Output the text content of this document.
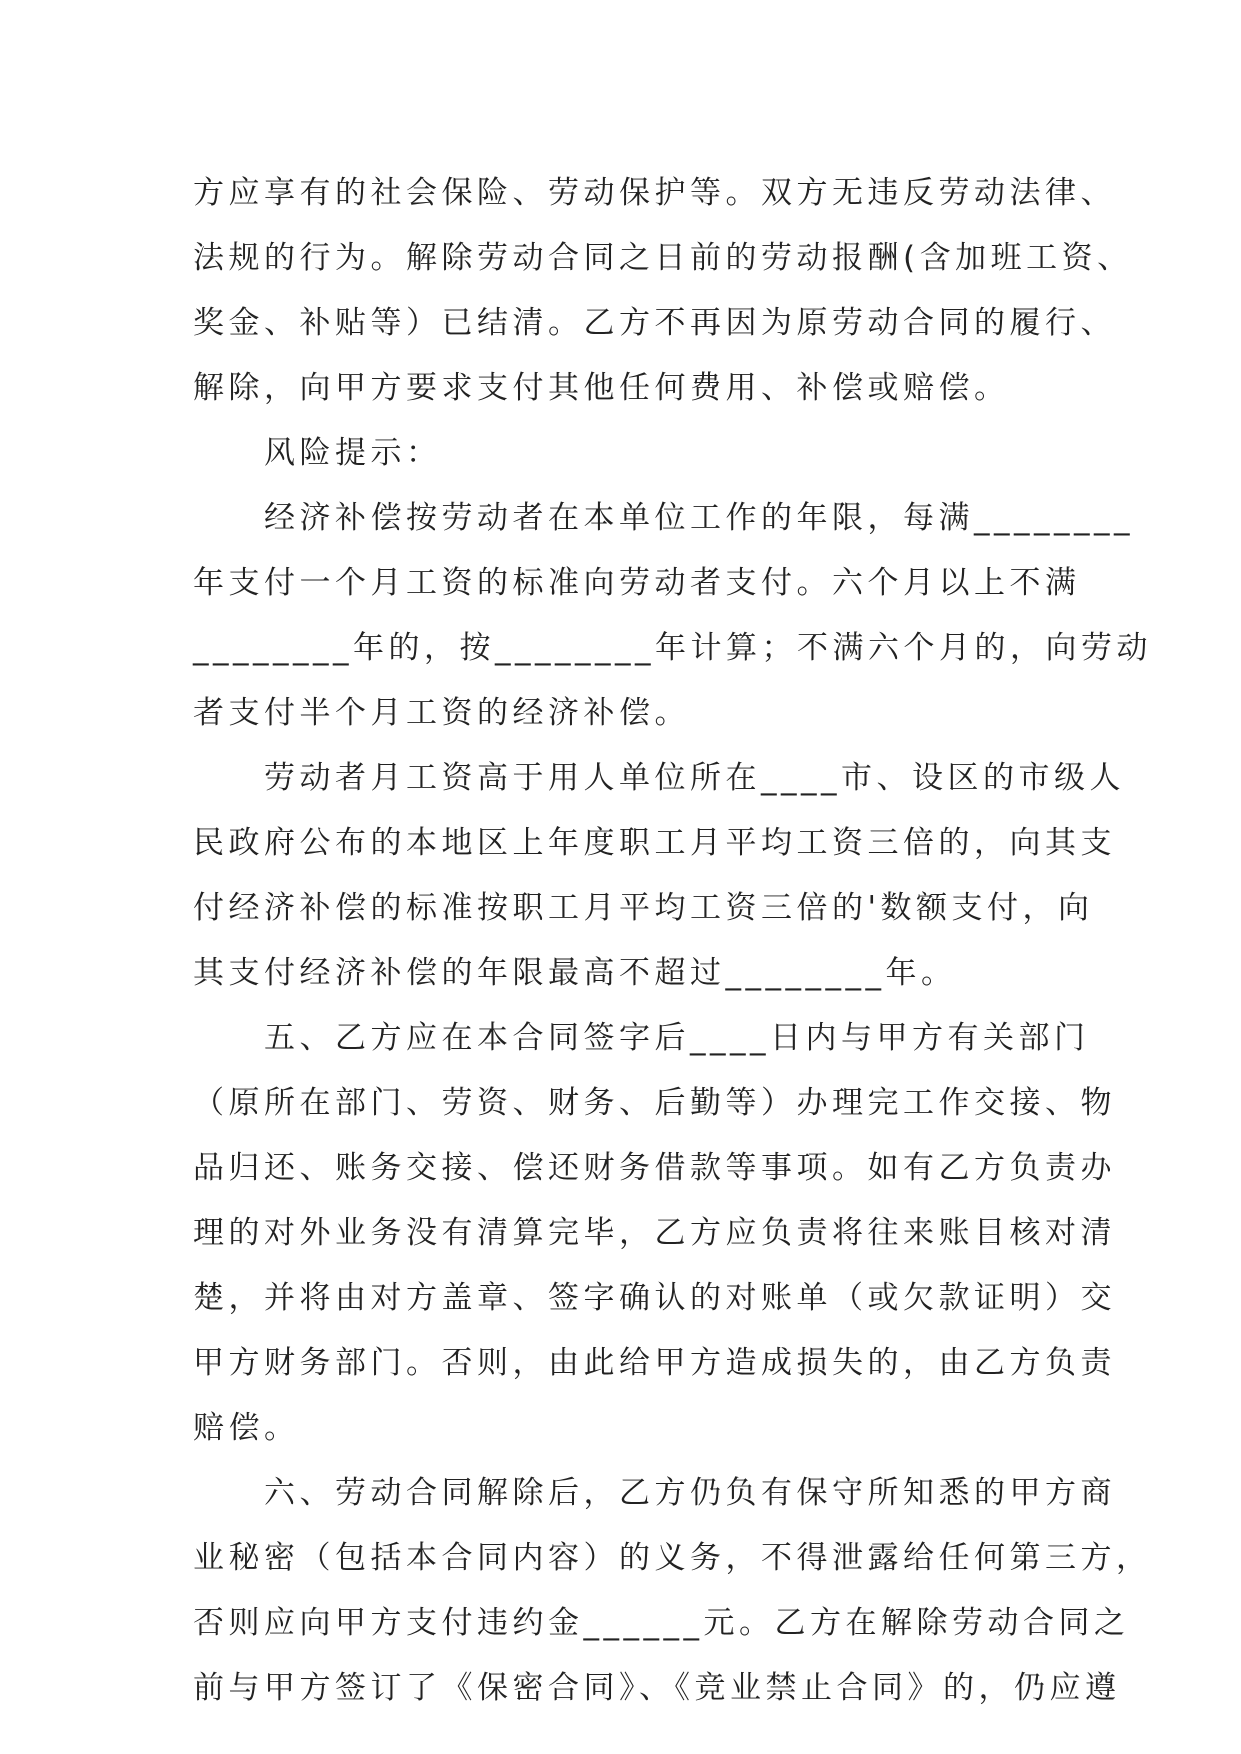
方应享有的社会保险、劳动保护等。双方无违反劳动法律、
法规的行为。解除劳动合同之日前的劳动报酬(含加班工资、
奖金、补贴等）已结清。乙方不再因为原劳动合同的履行、
解除，向甲方要求支付其他任何费用、补偿或赔偿。
　　风险提示：
　　经济补偿按劳动者在本单位工作的年限，每满________
年支付一个月工资的标准向劳动者支付。六个月以上不满
________年的，按________年计算；不满六个月的，向劳动
者支付半个月工资的经济补偿。
　　劳动者月工资高于用人单位所在____市、设区的市级人
民政府公布的本地区上年度职工月平均工资三倍的，向其支
付经济补偿的标准按职工月平均工资三倍的'数额支付，向
其支付经济补偿的年限最高不超过________年。
　　五、乙方应在本合同签字后____日内与甲方有关部门
（原所在部门、劳资、财务、后勤等）办理完工作交接、物
品归还、账务交接、偿还财务借款等事项。如有乙方负责办
理的对外业务没有清算完毕，乙方应负责将往来账目核对清
楚，并将由对方盖章、签字确认的对账单（或欠款证明）交
甲方财务部门。否则，由此给甲方造成损失的，由乙方负责
赔偿。
　　六、劳动合同解除后，乙方仍负有保守所知悉的甲方商
业秘密（包括本合同内容）的义务，不得泄露给任何第三方，
否则应向甲方支付违约金______元。乙方在解除劳动合同之
前与甲方签订了《保密合同》、《竞业禁止合同》的，仍应遵
